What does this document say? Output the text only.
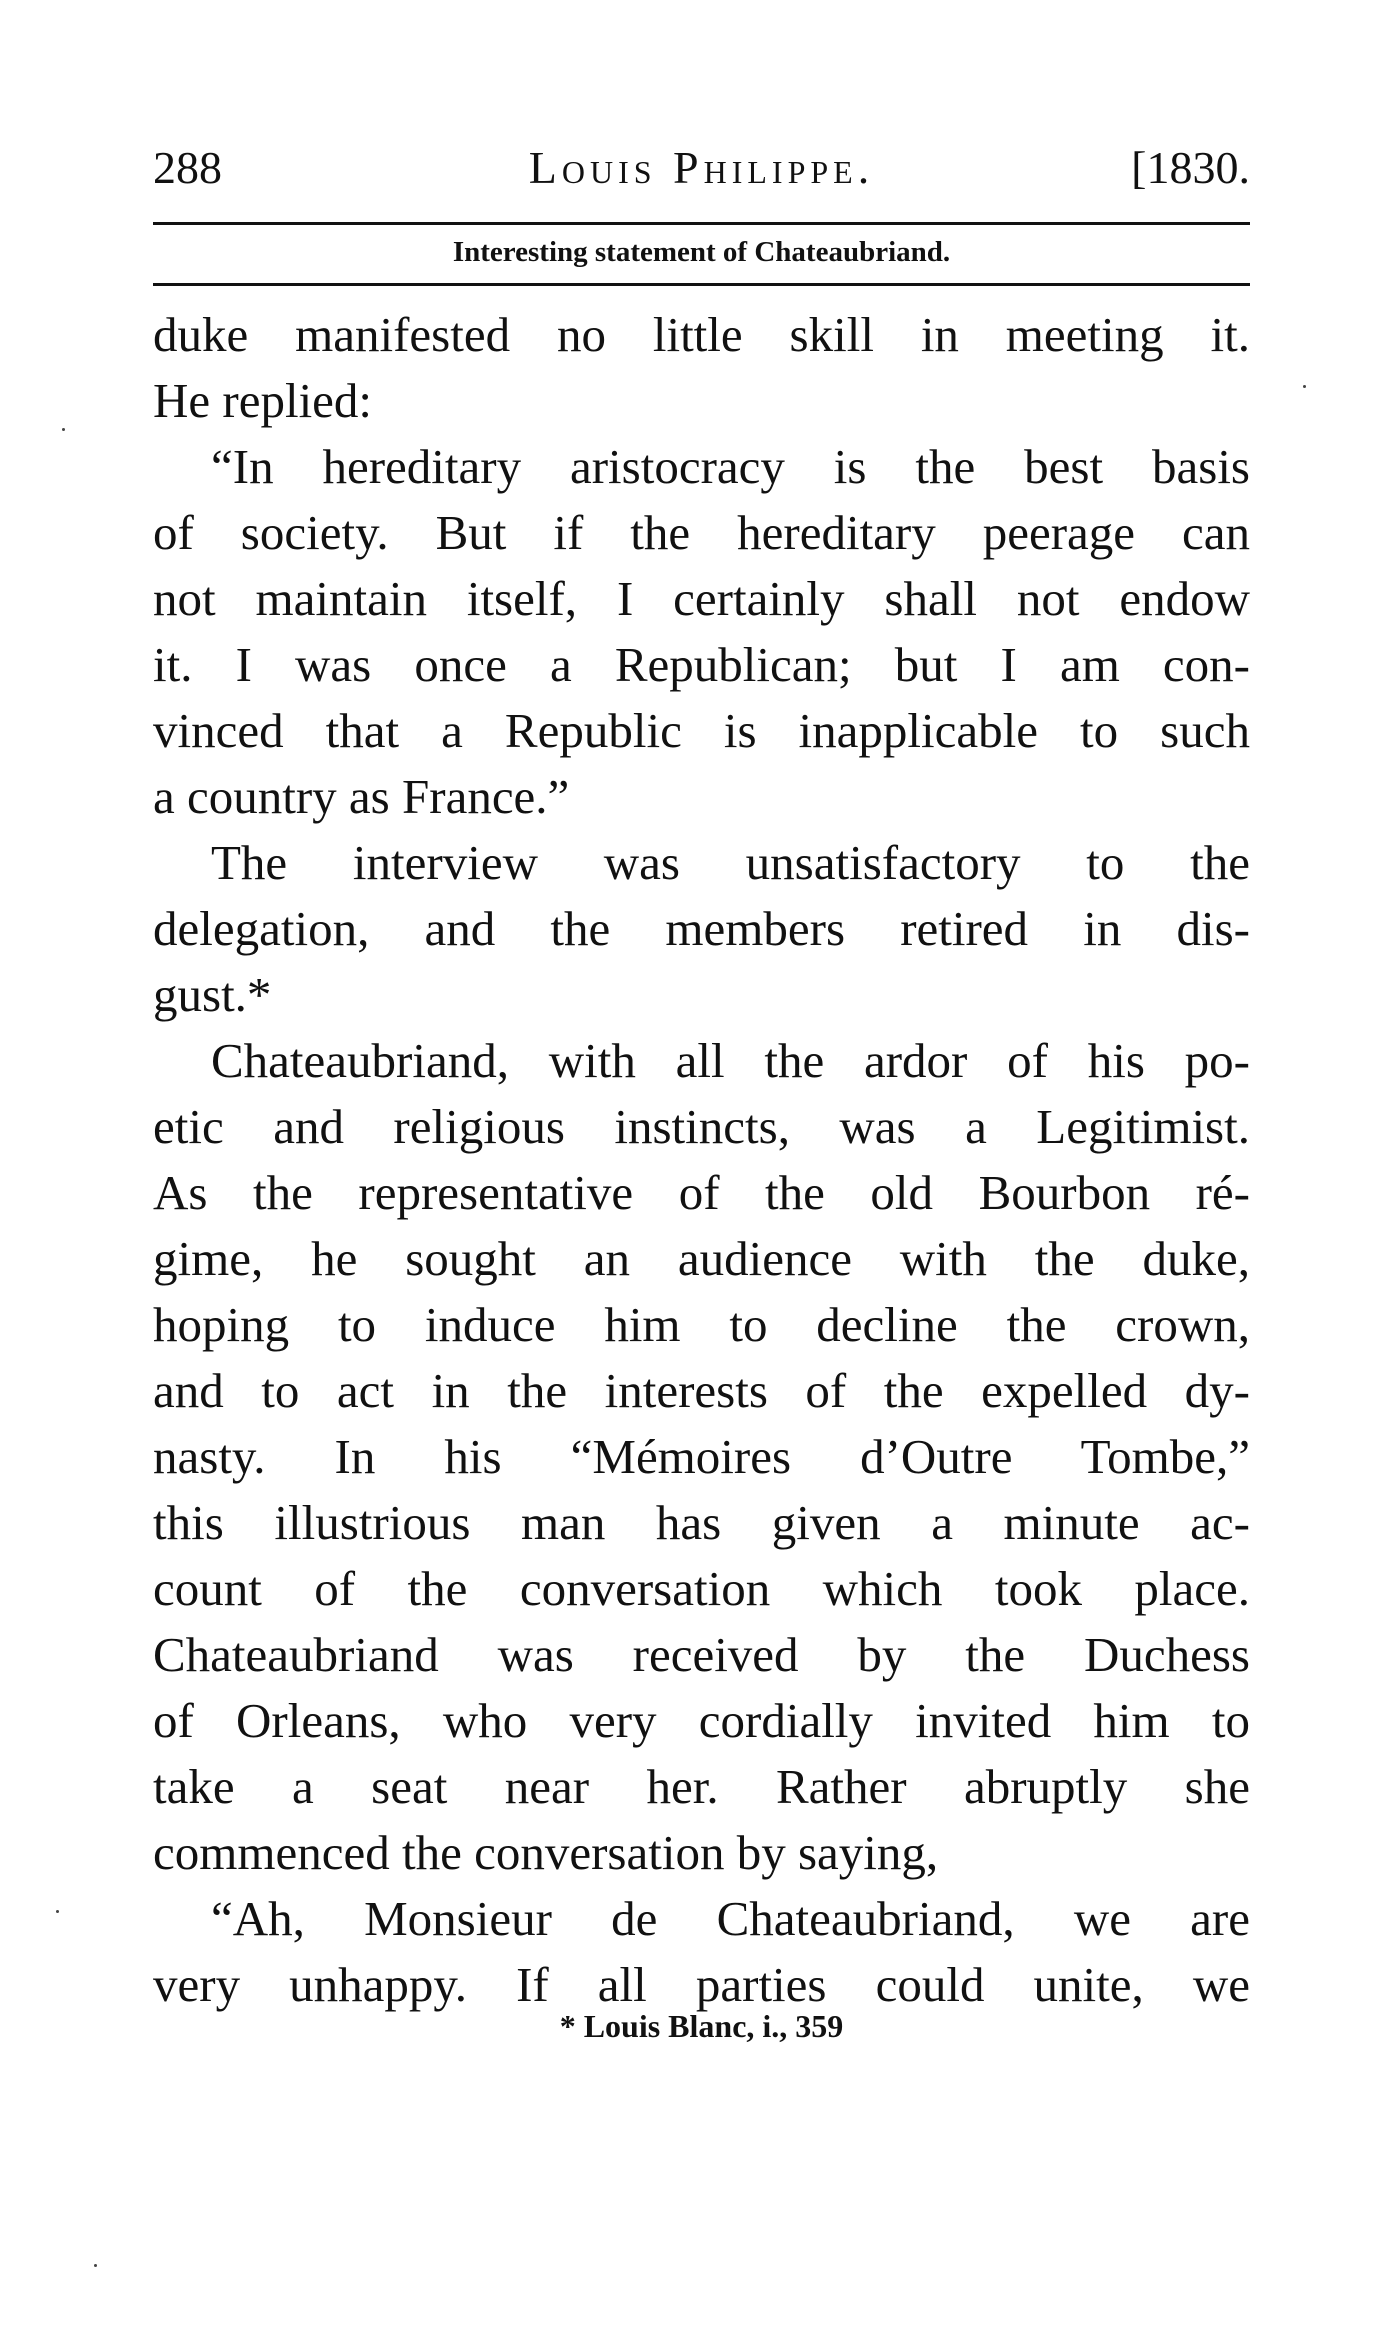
288	Louis Philippe.	[1830.
Interesting statement of Chateaubriand.
duke manifested no little skill in meeting it.
He replied:
“In hereditary aristocracy is the best basis
of society. But if the hereditary peerage can
not maintain itself, I certainly shall not endow
it. I was once a Republican; but I am con-
vinced that a Republic is inapplicable to such
a country as France.”
The interview was unsatisfactory to the
delegation, and the members retired in dis-
gust.*
Chateaubriand, with all the ardor of his po-
etic and religious instincts, was a Legitimist.
As the representative of the old Bourbon ré-
gime, he sought an audience with the duke,
hoping to induce him to decline the crown,
and to act in the interests of the expelled dy-
nasty. In his “Mémoires d’Outre Tombe,”
this illustrious man has given a minute ac-
count of the conversation which took place.
Chateaubriand was received by the Duchess
of Orleans, who very cordially invited him to
take a seat near her. Rather abruptly she
commenced the conversation by saying,
“Ah, Monsieur de Chateaubriand, we are
very unhappy. If all parties could unite, we
* Louis Blanc, i., 359
